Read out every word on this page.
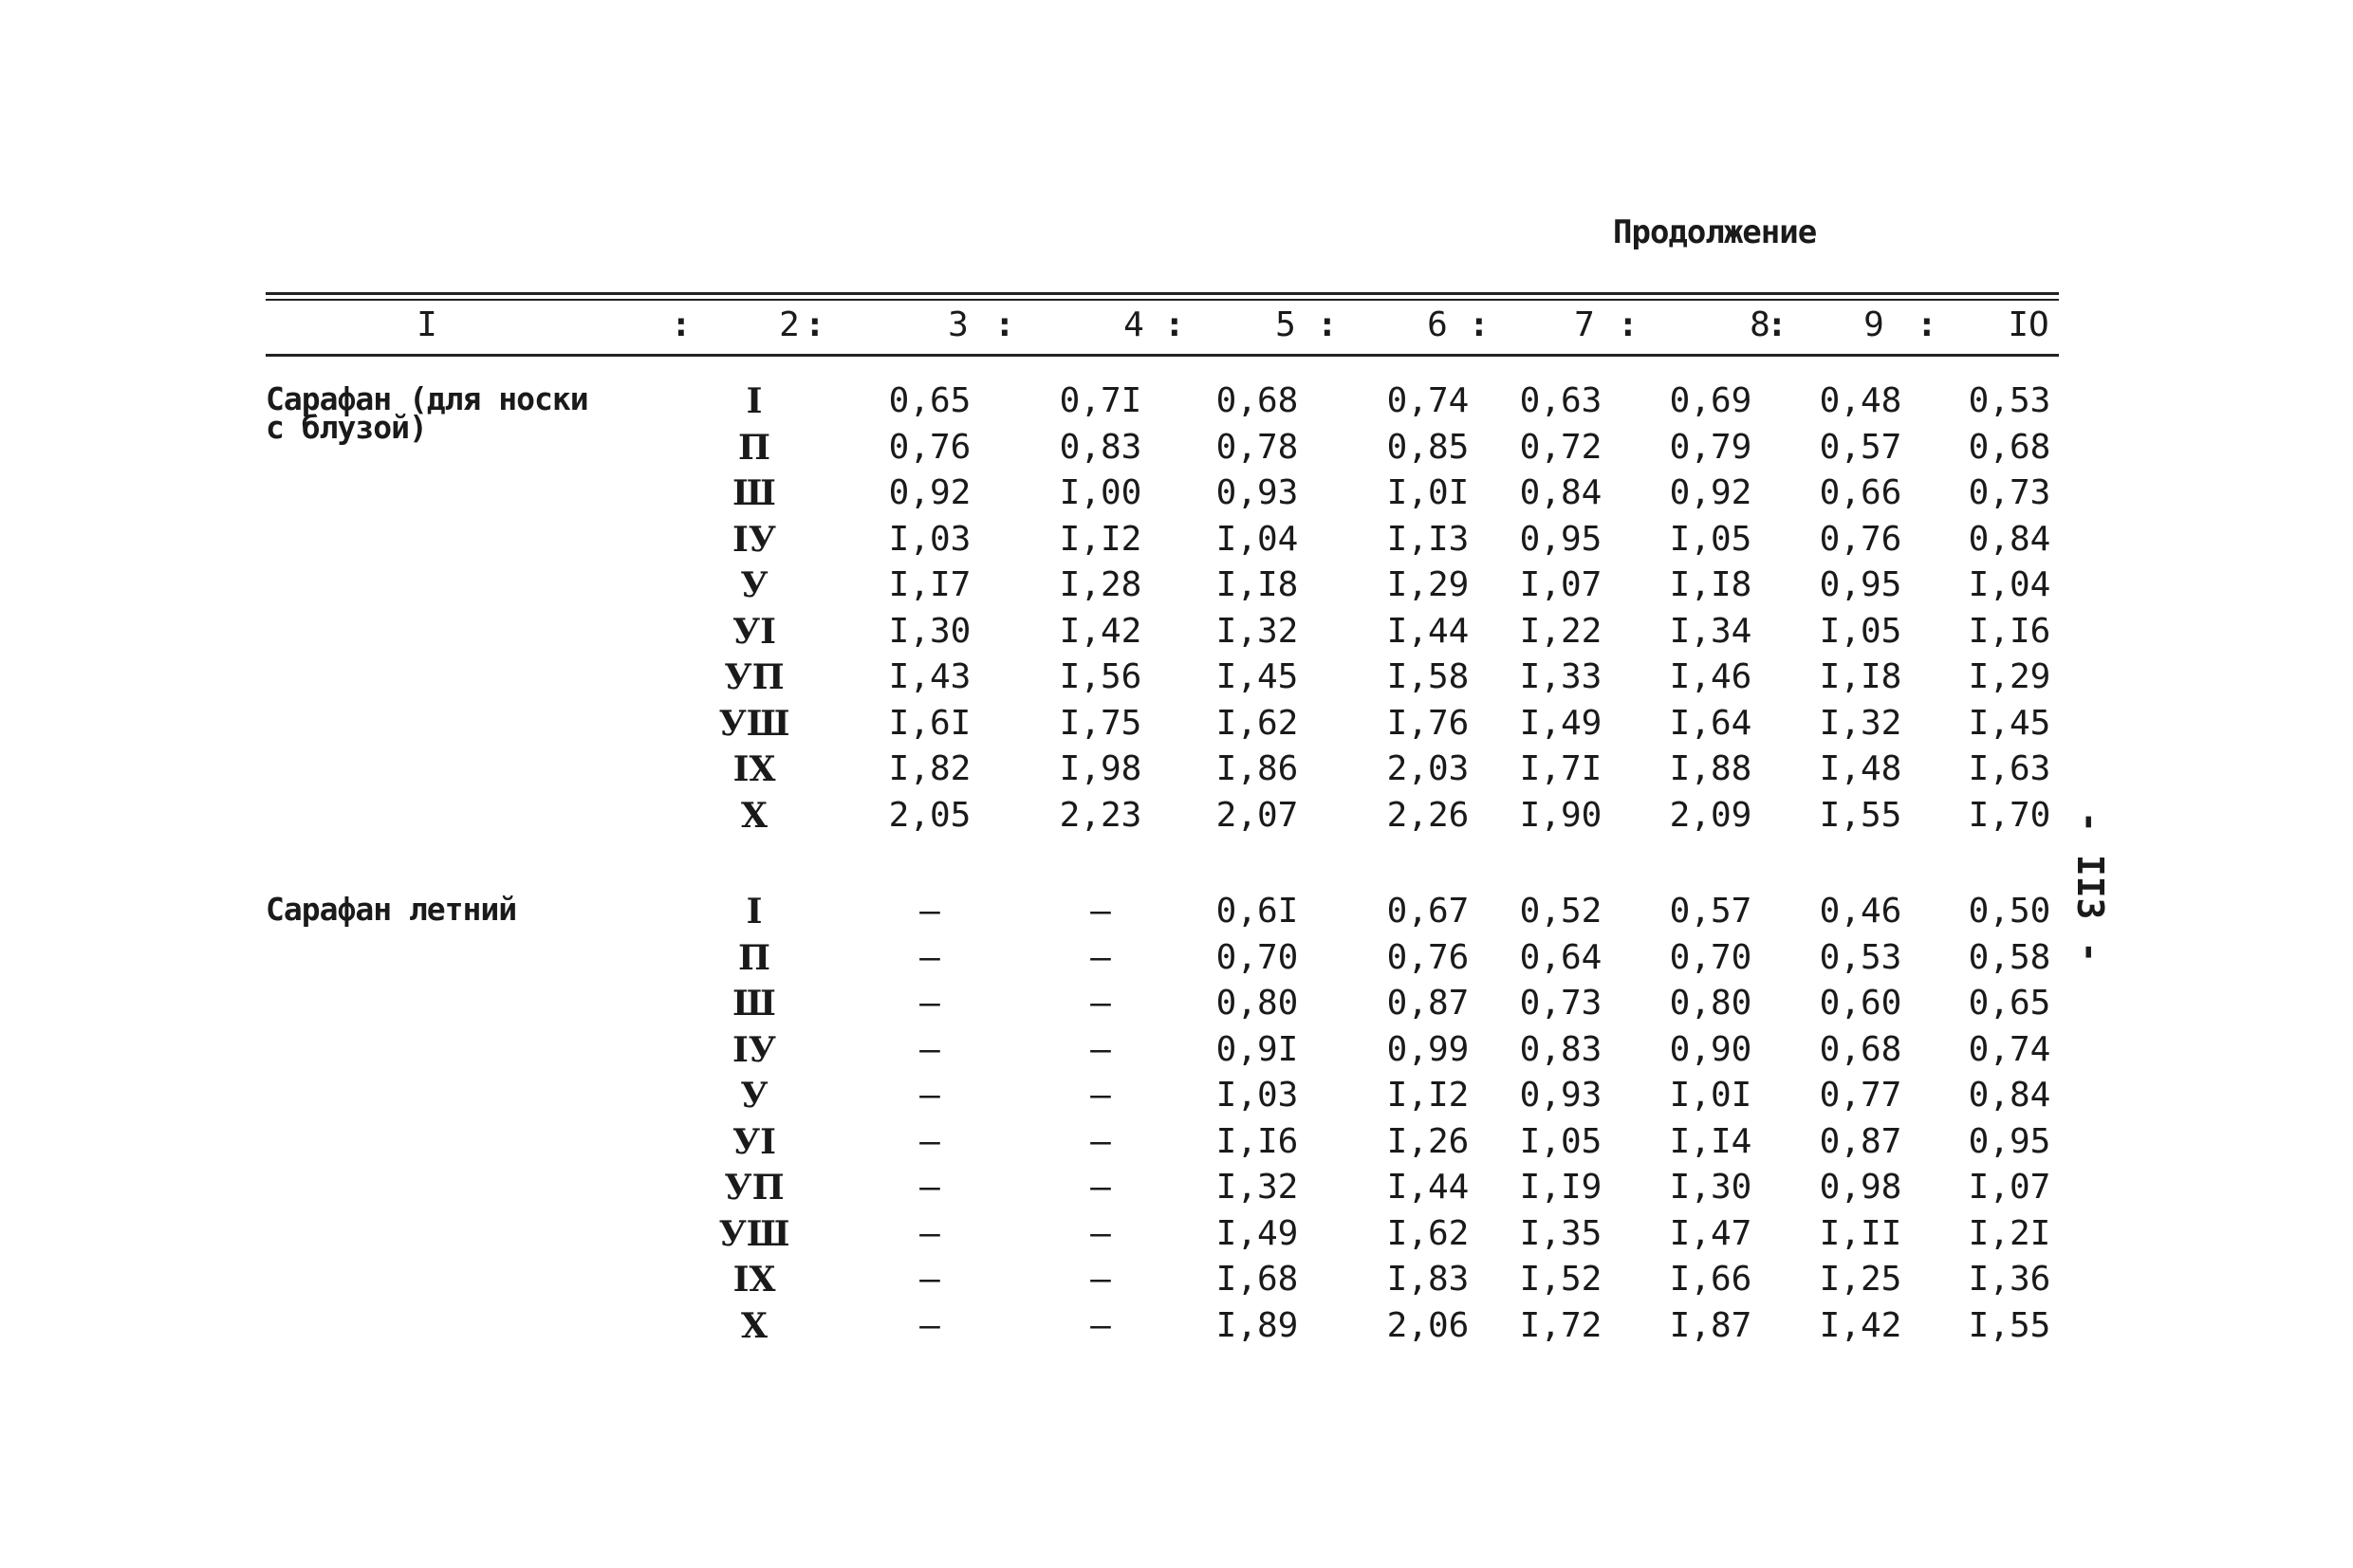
Продолжение
I	2	3	4	5	6	7	8	9	IO
:	:	:	:	:	:	:	:	:
Сарафан (для носки
с блузой)
I	0,65	0,7I	0,68	0,74	0,63	0,69	0,48	0,53
П	0,76	0,83	0,78	0,85	0,72	0,79	0,57	0,68
Ш	0,92	I,00	0,93	I,0I	0,84	0,92	0,66	0,73
IУ	I,03	I,I2	I,04	I,I3	0,95	I,05	0,76	0,84
У	I,I7	I,28	I,I8	I,29	I,07	I,I8	0,95	I,04
УI	I,30	I,42	I,32	I,44	I,22	I,34	I,05	I,I6
УП	I,43	I,56	I,45	I,58	I,33	I,46	I,I8	I,29
УШ	I,6I	I,75	I,62	I,76	I,49	I,64	I,32	I,45
IХ	I,82	I,98	I,86	2,03	I,7I	I,88	I,48	I,63
Х	2,05	2,23	2,07	2,26	I,90	2,09	I,55	I,70
Сарафан летний	I	–	–	0,6I	0,67	0,52	0,57	0,46	0,50
П	–	–	0,70	0,76	0,64	0,70	0,53	0,58
Ш	–	–	0,80	0,87	0,73	0,80	0,60	0,65
IУ	–	–	0,9I	0,99	0,83	0,90	0,68	0,74
У	–	–	I,03	I,I2	0,93	I,0I	0,77	0,84
УI	–	–	I,I6	I,26	I,05	I,I4	0,87	0,95
УП	–	–	I,32	I,44	I,I9	I,30	0,98	I,07
УШ	–	–	I,49	I,62	I,35	I,47	I,II	I,2I
IХ	–	–	I,68	I,83	I,52	I,66	I,25	I,36
Х	–	–	I,89	2,06	I,72	I,87	I,42	I,55
- II3 -
